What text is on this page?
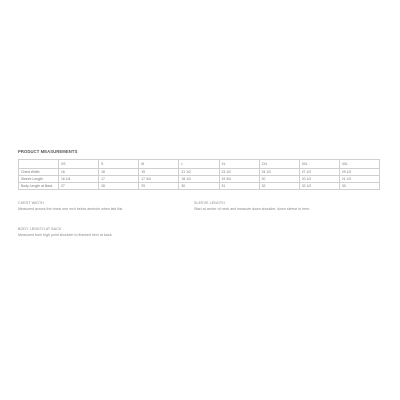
PRODUCT MEASUREMENTS
	XS	S	M	L	XL	2XL	3XL	4XL
Chest Width	16	18	19	21 1/2	23 1/2	24 1/2	27 1/2	29 1/2
Sleeve Length	16 1/4	17	17 3/4	18 1/2	19 3/4	20	20 1/2	21 1/2
Body Length at Back	27	28	29	30	31	32	32 1/2	33
CHEST WIDTH
Measured across the chest one inch below armhole when laid flat.
SLEEVE LENGTH
Start at center of neck and measure down shoulder, down sleeve to hem.
BODY LENGTH AT BACK
Measured from high point shoulder to finished hem at back.
